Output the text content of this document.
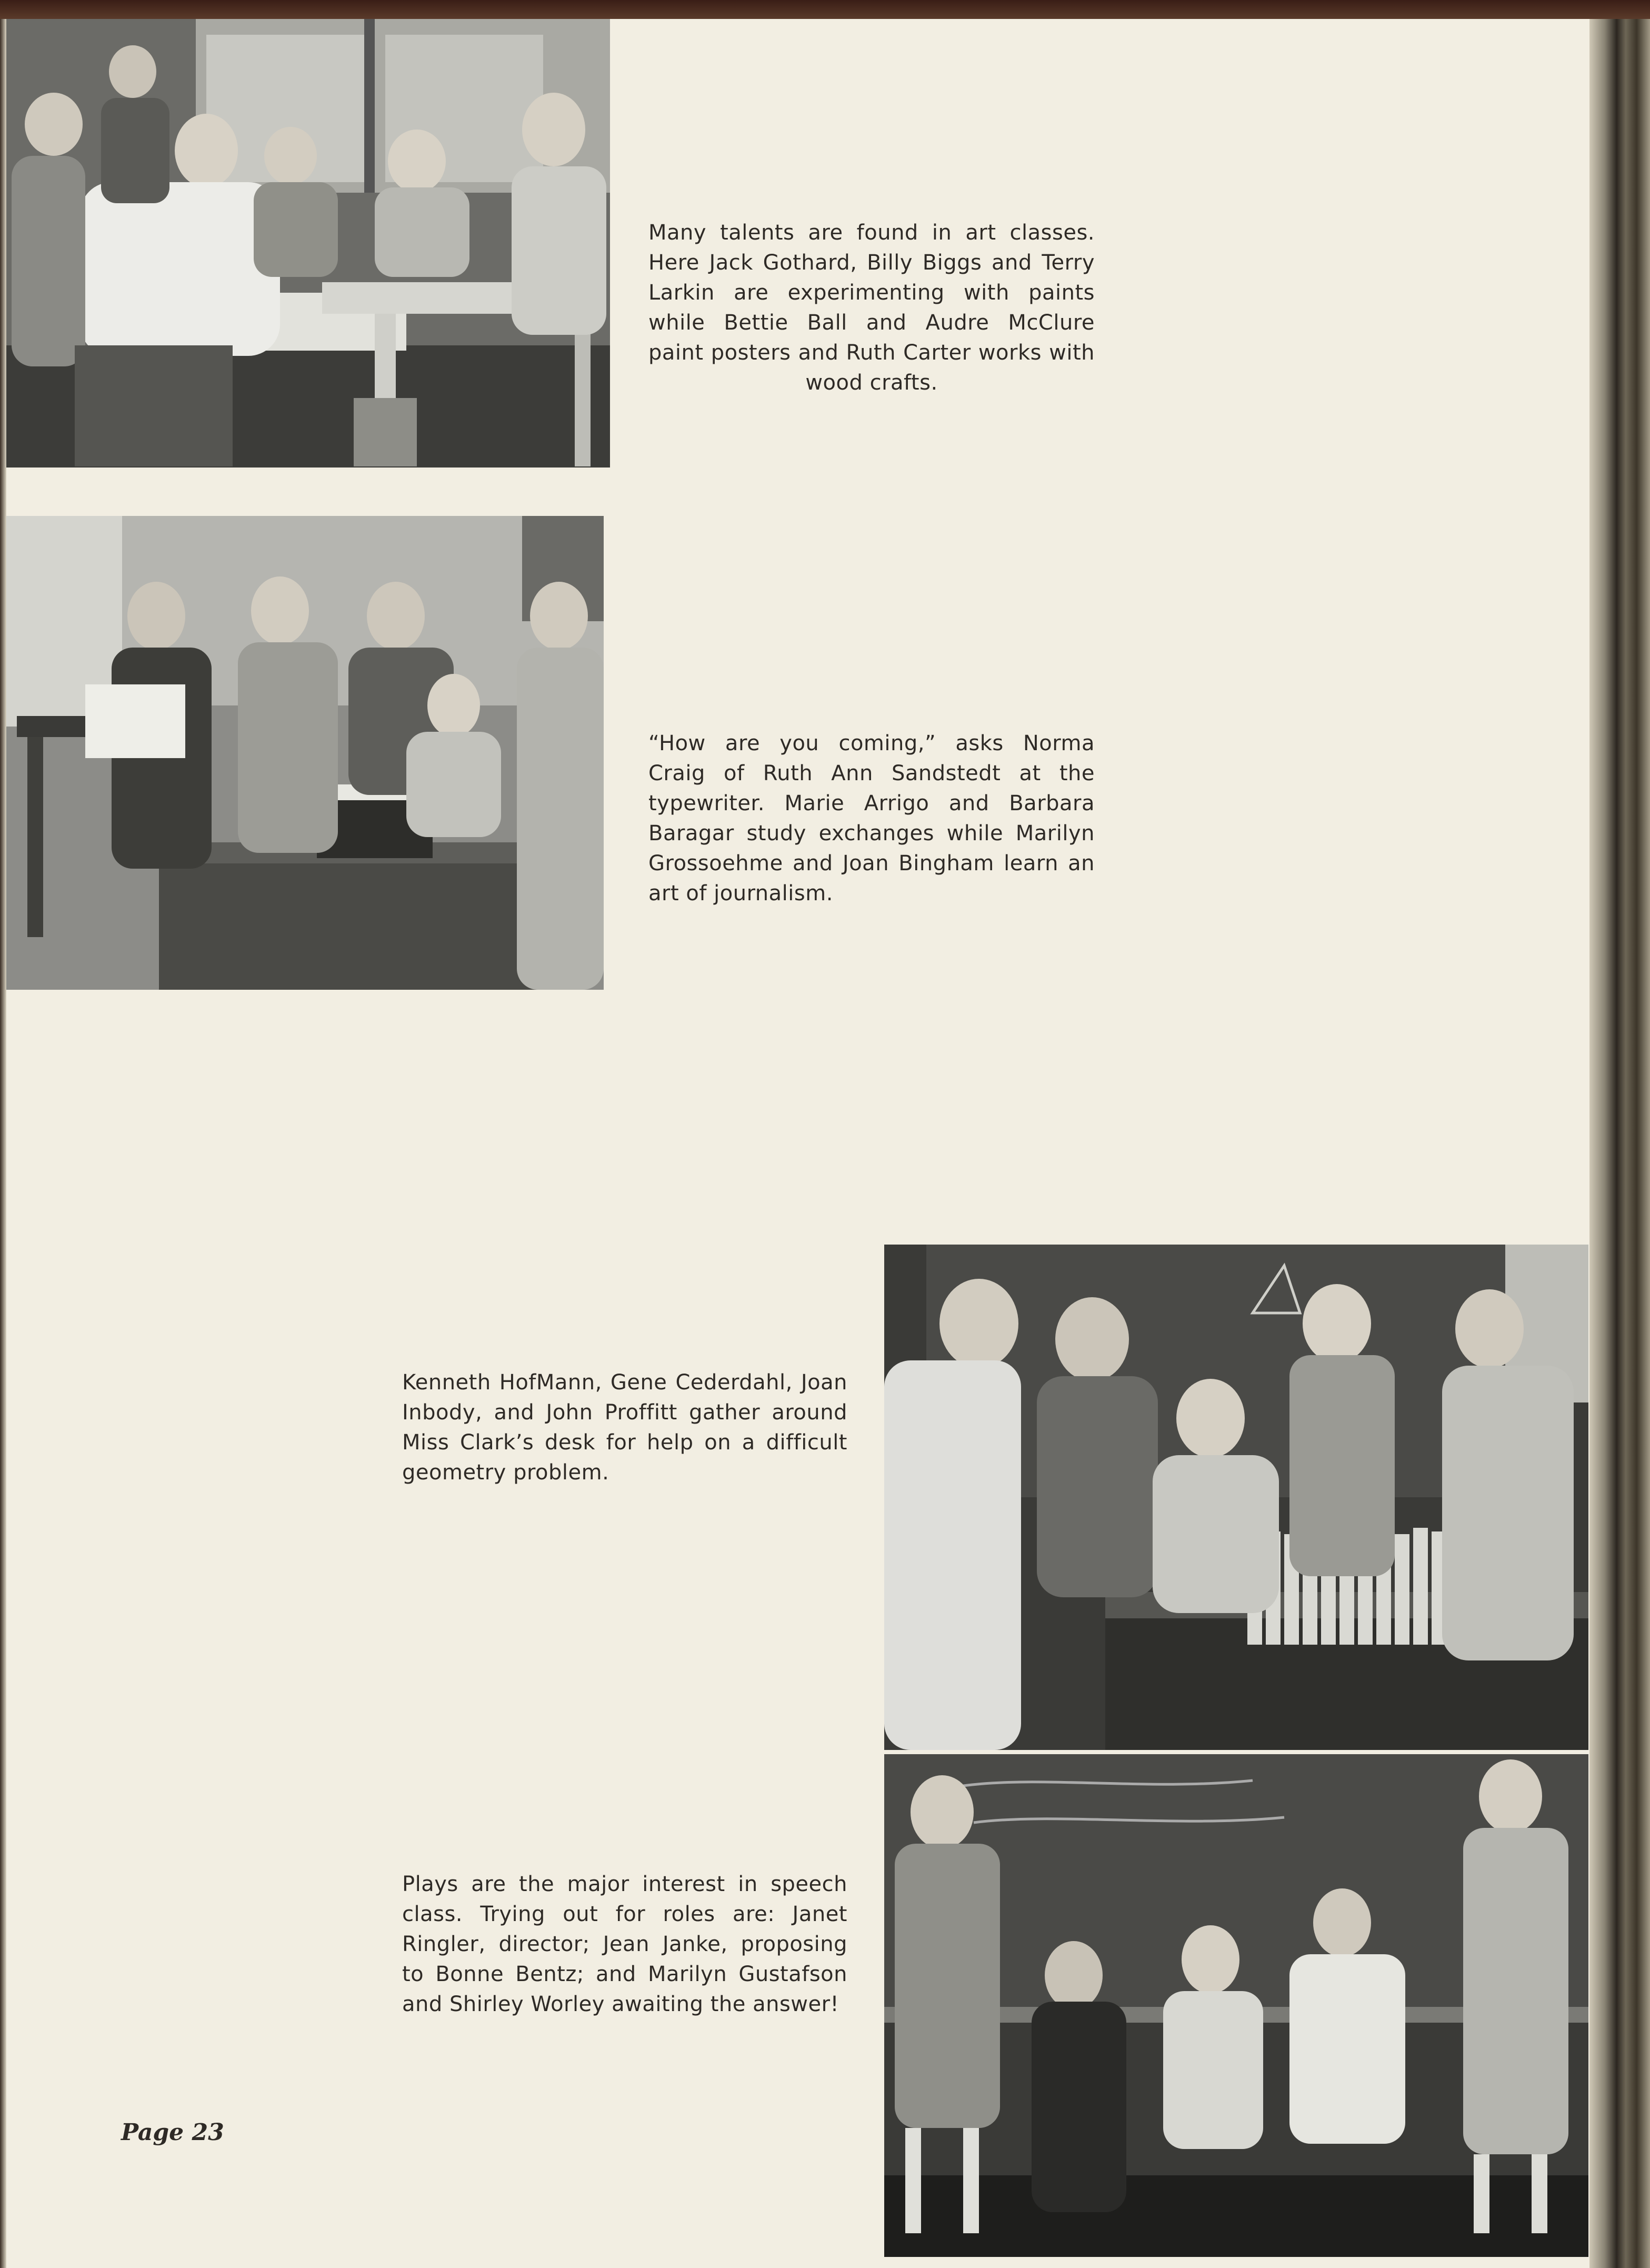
Many talents are found in art classes. Here Jack Gothard, Billy Biggs and Terry Larkin are experimenting with paints while Bettie Ball and Audre McClure paint posters and Ruth Carter works with wood crafts.
“How are you coming,” asks Norma Craig of Ruth Ann Sandstedt at the typewriter. Marie Arrigo and Barbara Baragar study exchanges while Marilyn Grossoehme and Joan Bingham learn an art of journalism.
Kenneth HofMann, Gene Cederdahl, Joan Inbody, and John Proffitt gather around Miss Clark’s desk for help on a difficult geometry problem.
Plays are the major interest in speech class. Trying out for roles are: Janet Ringler, director; Jean Janke, proposing to Bonne Bentz; and Marilyn Gustafson and Shirley Worley awaiting the answer!
Page 23
